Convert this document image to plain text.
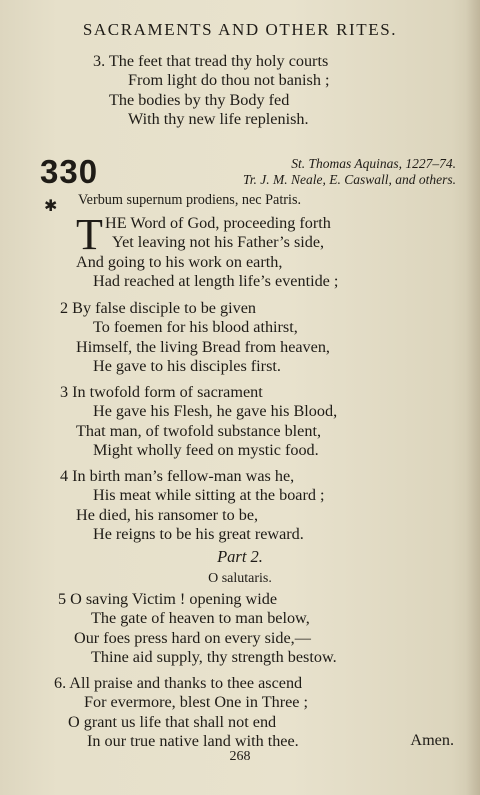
SACRAMENTS AND OTHER RITES.
3. The feet that tread thy holy courts
From light do thou not banish ;
The bodies by thy Body fed
With thy new life replenish.
330	St. Thomas Aquinas, 1227–74.
Tr. J. M. Neale, E. Caswall, and others.
✱ Verbum supernum prodiens, nec Patris.
T HE Word of God, proceeding forth
Yet leaving not his Father’s side,
And going to his work on earth,
Had reached at length life’s eventide ;
2 By false disciple to be given
To foemen for his blood athirst,
Himself, the living Bread from heaven,
He gave to his disciples first.
3 In twofold form of sacrament
He gave his Flesh, he gave his Blood,
That man, of twofold substance blent,
Might wholly feed on mystic food.
4 In birth man’s fellow-man was he,
His meat while sitting at the board ;
He died, his ransomer to be,
He reigns to be his great reward.
Part 2.
O salutaris.
5 O saving Victim ! opening wide
The gate of heaven to man below,
Our foes press hard on every side,—
Thine aid supply, thy strength bestow.
6. All praise and thanks to thee ascend
For evermore, blest One in Three ;
O grant us life that shall not end
In our true native land with thee.	Amen.
268
